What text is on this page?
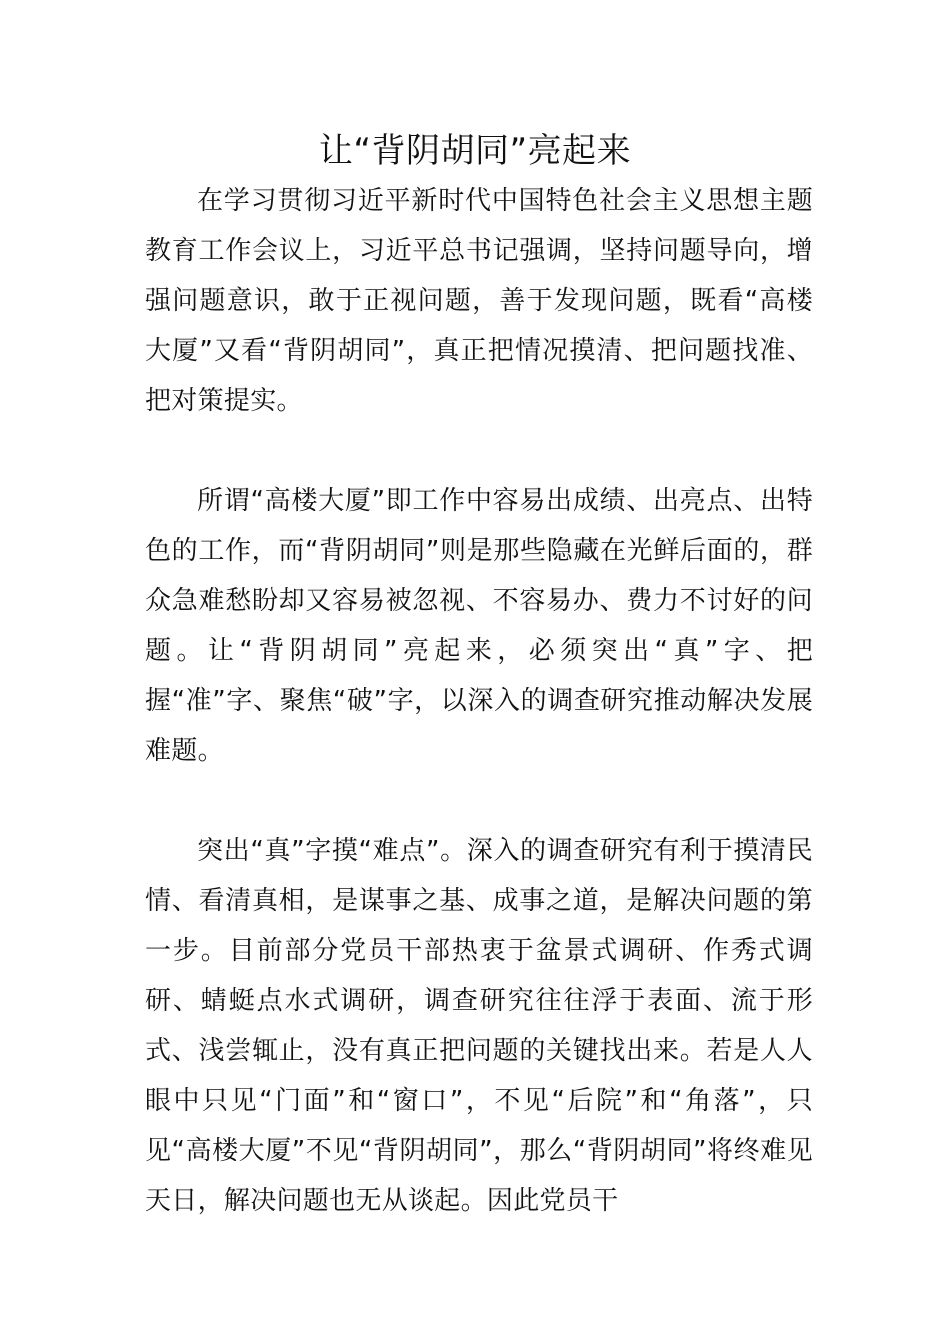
让“背阴胡同”亮起来

在学习贯彻习近平新时代中国特色社会主义思想主题教育工作会议上，习近平总书记强调，坚持问题导向，增强问题意识，敢于正视问题，善于发现问题，既看“高楼大厦”又看“背阴胡同”，真正把情况摸清、把问题找准、把对策提实。

所谓“高楼大厦”即工作中容易出成绩、出亮点、出特色的工作，而“背阴胡同”则是那些隐藏在光鲜后面的，群众急难愁盼却又容易被忽视、不容易办、费力不讨好的问题。让“背阴胡同”亮起来，必须突出“真”字、把握“准”字、聚焦“破”字，以深入的调查研究推动解决发展难题。

突出“真”字摸“难点”。深入的调查研究有利于摸清民情、看清真相，是谋事之基、成事之道，是解决问题的第一步。目前部分党员干部热衷于盆景式调研、作秀式调研、蜻蜓点水式调研，调查研究往往浮于表面、流于形式、浅尝辄止，没有真正把问题的关键找出来。若是人人眼中只见“门面”和“窗口”，不见“后院”和“角落”，只见“高楼大厦”不见“背阴胡同”，那么“背阴胡同”将终难见天日，解决问题也无从谈起。因此党员干
